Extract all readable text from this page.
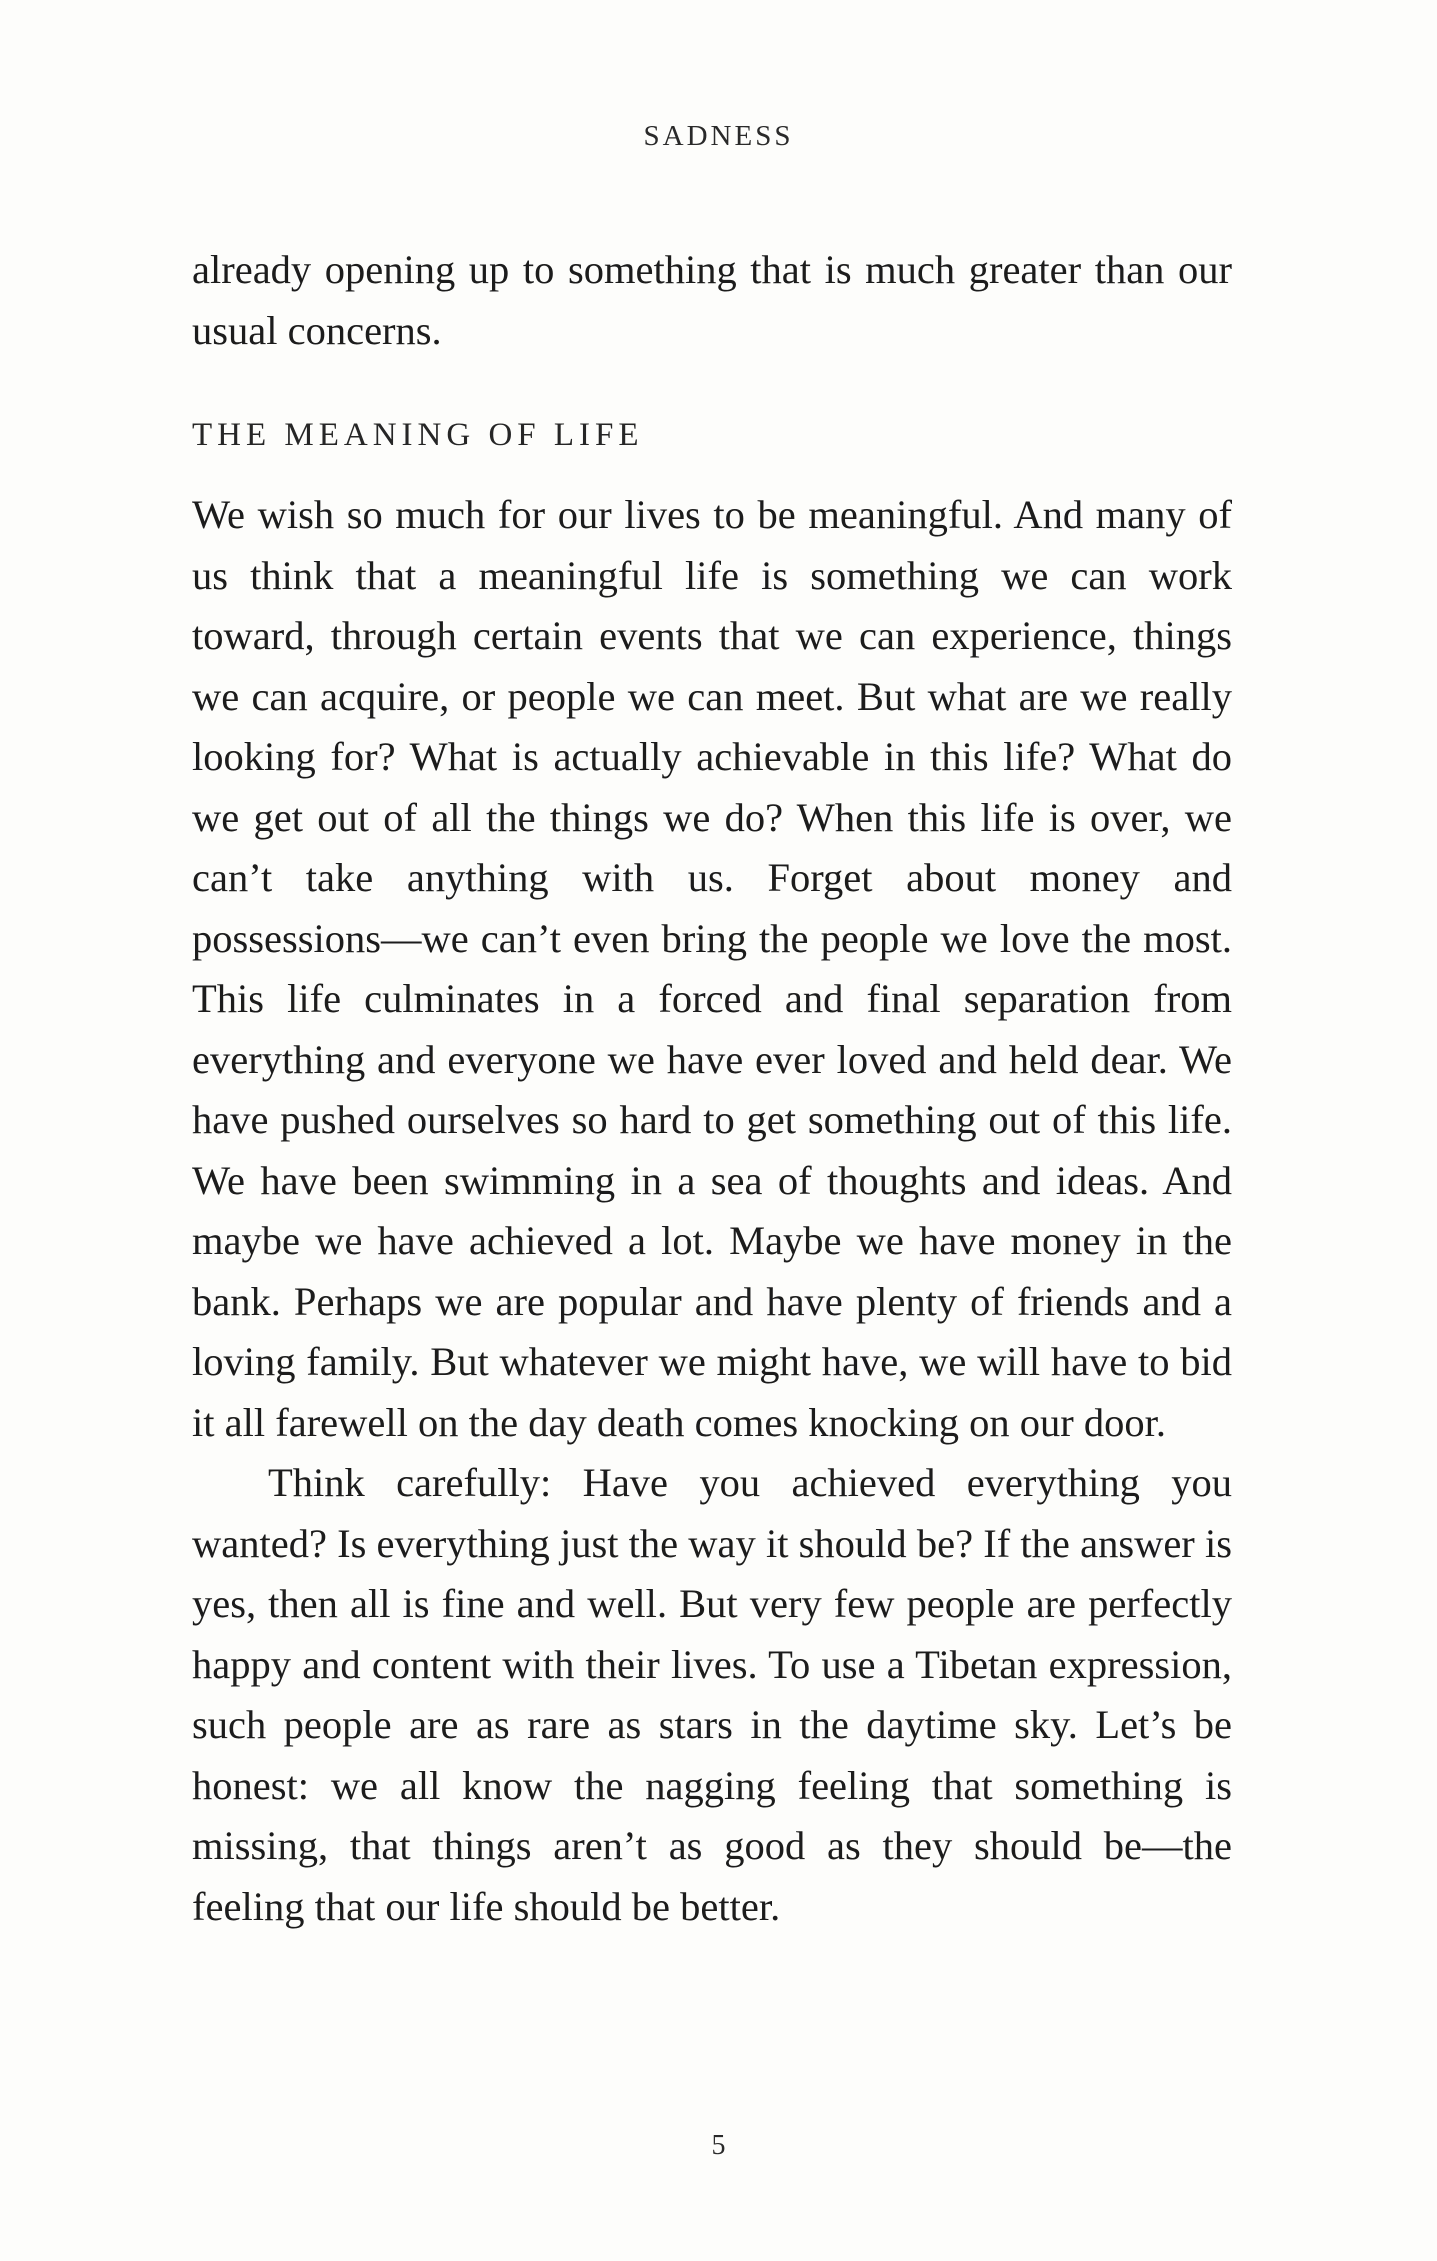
SADNESS

already opening up to something that is much greater than our usual concerns.

THE MEANING OF LIFE

We wish so much for our lives to be meaningful. And many of us think that a meaningful life is something we can work toward, through certain events that we can experience, things we can acquire, or people we can meet. But what are we really looking for? What is actually achievable in this life? What do we get out of all the things we do? When this life is over, we can’t take anything with us. Forget about money and possessions—we can’t even bring the people we love the most. This life culminates in a forced and final separation from everything and everyone we have ever loved and held dear. We have pushed ourselves so hard to get something out of this life. We have been swimming in a sea of thoughts and ideas. And maybe we have achieved a lot. Maybe we have money in the bank. Perhaps we are popular and have plenty of friends and a loving family. But whatever we might have, we will have to bid it all farewell on the day death comes knocking on our door.

Think carefully: Have you achieved everything you wanted? Is everything just the way it should be? If the answer is yes, then all is fine and well. But very few people are perfectly happy and content with their lives. To use a Tibetan expression, such people are as rare as stars in the daytime sky. Let’s be honest: we all know the nagging feeling that something is missing, that things aren’t as good as they should be—the feeling that our life should be better.

5
